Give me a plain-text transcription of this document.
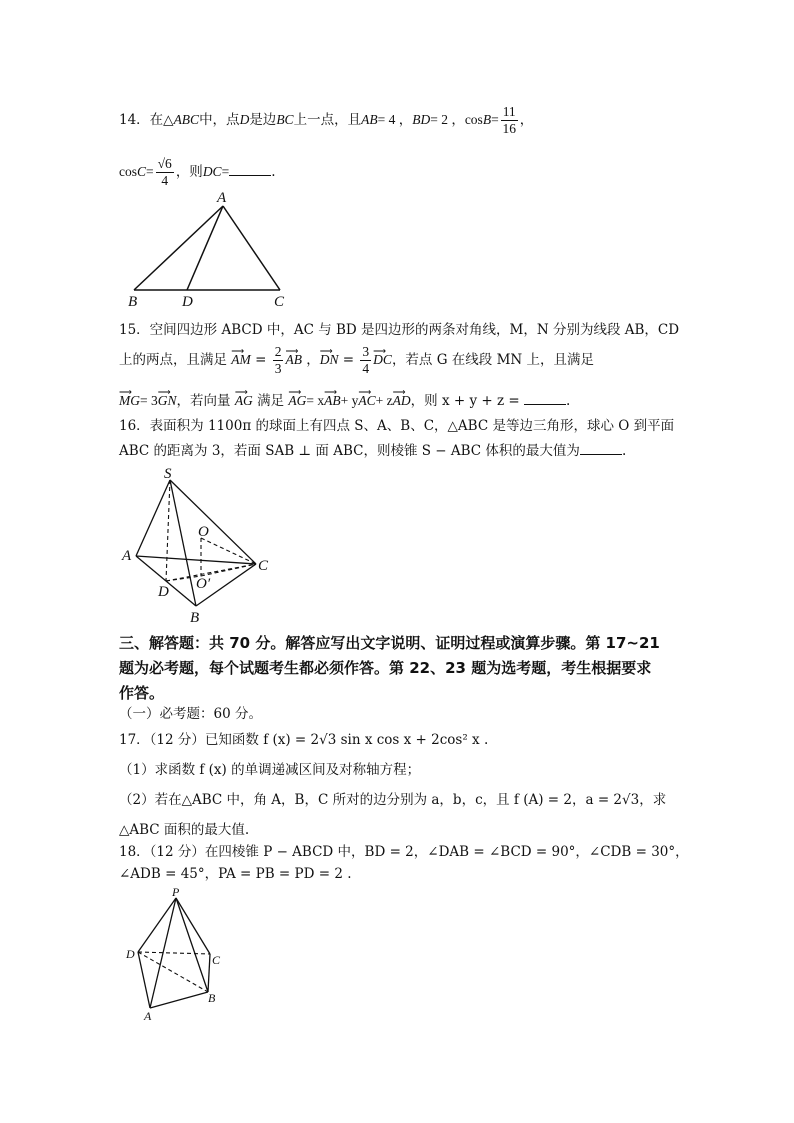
14．在△ABC中，点D是边BC上一点，且AB= 4 ，BD= 2 ，$\cos B= \frac{11}{16}$ ，
$\cos C= \frac{√6}{4}$ ，则DC=	.
A
B	D	C
15．空间四边形 ABCD 中，AC 与 BD 是四边形的两条对角线，M，N 分别为线段 AB，CD
上的两点，且满足 ⟶ AM = $\frac{2}{3}$ ⟶ AB ，⟶ DN = $\frac{3}{4}$ ⟶ DC，若点 G 在线段 MN 上，且满足
⟶ MG= 3⟶ GN，若向量 ⟶ AG 满足 ⟶ AG= x⟶ AB+ y⟶ AC+ z⟶ AD，则 x + y + z =	.
16．表面积为 1100π 的球面上有四点 S、A、B、C，△ABC 是等边三角形，球心 O 到平面
ABC 的距离为 3，若面 SAB ⊥ 面 ABC，则棱锥 S − ABC 体积的最大值为	.
S
O
A
C
O′
D
B
三、解答题：共 70 分。解答应写出文字说明、证明过程或演算步骤。第 17~21
题为必考题，每个试题考生都必须作答。第 22、23 题为选考题，考生根据要求
作答。
（一）必考题：60 分。
17．（12 分）已知函数 f (x) = 2√3 sin x cos x + 2cos² x .
（1）求函数 f (x) 的单调递减区间及对称轴方程；
（2）若在△ABC 中，角 A，B，C 所对的边分别为 a，b，c，且 f (A) = 2，a = 2√3，求
△ABC 面积的最大值.
18．（12 分）在四棱锥 P − ABCD 中，BD = 2，∠DAB = ∠BCD = 90°，∠CDB = 30°，
∠ADB = 45°，PA = PB = PD = 2 .
P
D	C
B
A
